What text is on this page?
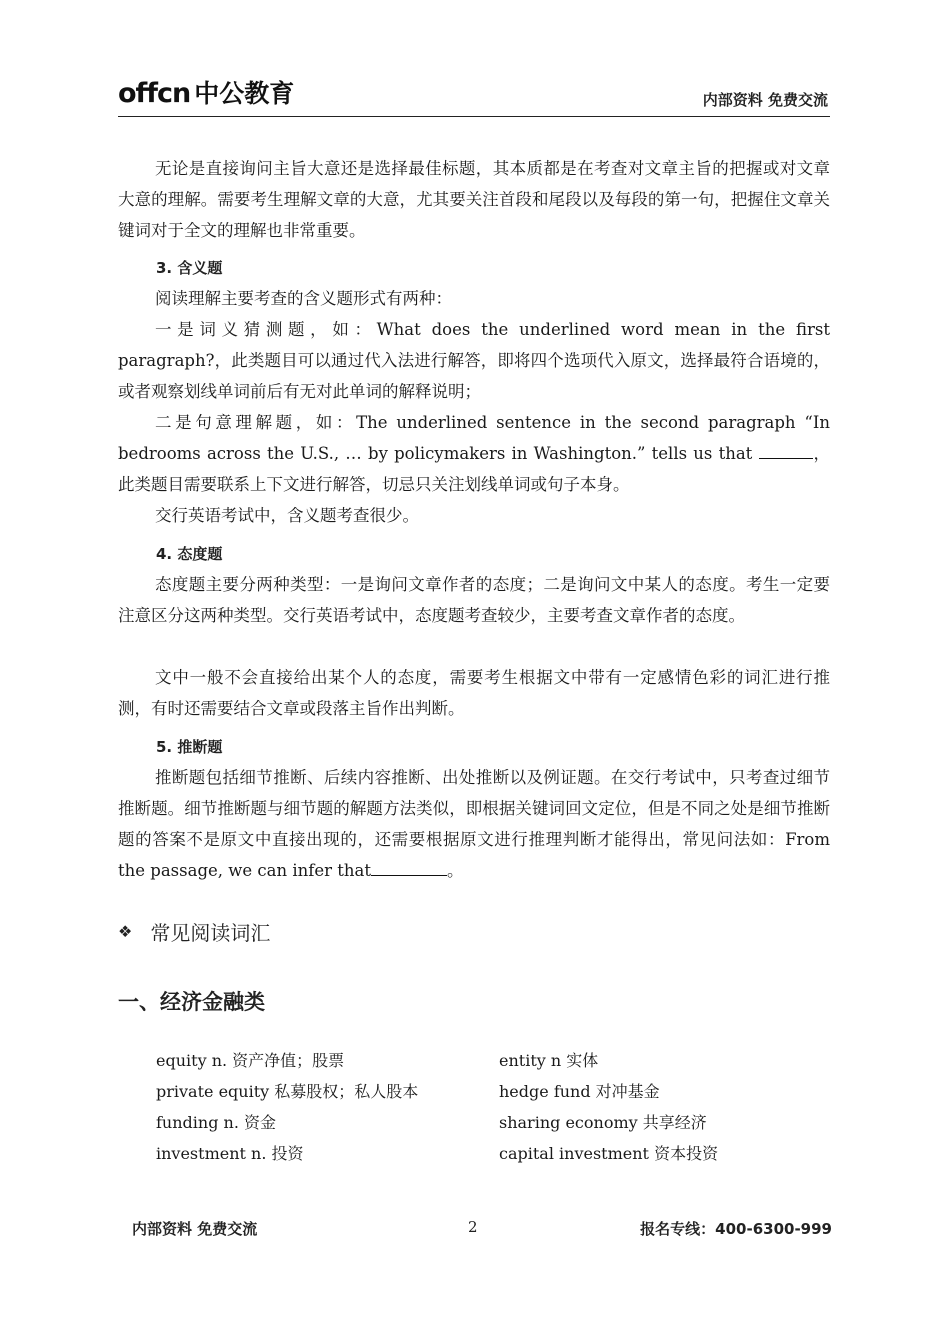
offcn 中公教育	内部资料 免费交流

无论是直接询问主旨大意还是选择最佳标题，其本质都是在考查对文章主旨的把握或对文章大意的理解。需要考生理解文章的大意，尤其要关注首段和尾段以及每段的第一句，把握住文章关键词对于全文的理解也非常重要。

3. 含义题

阅读理解主要考查的含义题形式有两种：

一是词义猜测题，如：What does the underlined word mean in the first paragraph?，此类题目可以通过代入法进行解答，即将四个选项代入原文，选择最符合语境的，或者观察划线单词前后有无对此单词的解释说明；

二是句意理解题，如：The underlined sentence in the second paragraph “In bedrooms across the U.S., … by policymakers in Washington.” tells us that	，此类题目需要联系上下文进行解答，切忌只关注划线单词或句子本身。

交行英语考试中，含义题考查很少。

4. 态度题

态度题主要分两种类型：一是询问文章作者的态度；二是询问文中某人的态度。考生一定要注意区分这两种类型。交行英语考试中，态度题考查较少，主要考查文章作者的态度。

文中一般不会直接给出某个人的态度，需要考生根据文中带有一定感情色彩的词汇进行推测，有时还需要结合文章或段落主旨作出判断。

5. 推断题

推断题包括细节推断、后续内容推断、出处推断以及例证题。在交行考试中，只考查过细节推断题。细节推断题与细节题的解题方法类似，即根据关键词回文定位，但是不同之处是细节推断题的答案不是原文中直接出现的，还需要根据原文进行推理判断才能得出，常见问法如：From the passage, we can infer that	。

❖ 常见阅读词汇
一、经济金融类
equity n. 资产净值；股票	entity n 实体
private equity 私募股权；私人股本	hedge fund 对冲基金
funding n. 资金	sharing economy 共享经济
investment n. 投资	capital investment 资本投资
内部资料 免费交流	2	报名专线：400-6300-999
